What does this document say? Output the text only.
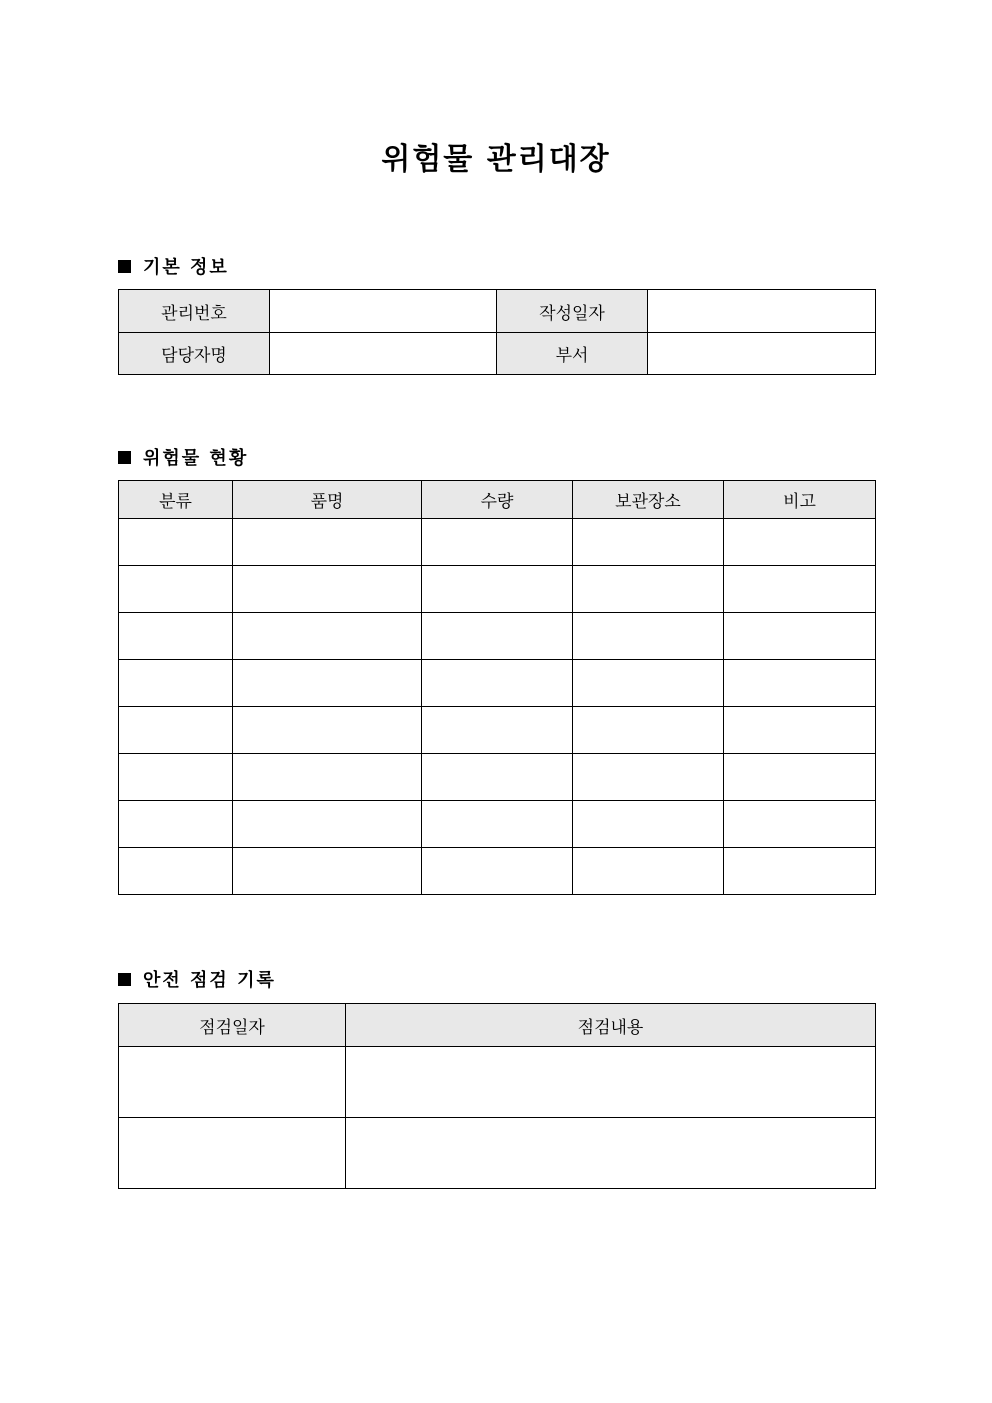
위험물 관리대장
기본 정보
관리번호		작성일자	
담당자명		부서	
위험물 현황
분류	품명	수량	보관장소	비고

안전 점검 기록
점검일자	점검내용
